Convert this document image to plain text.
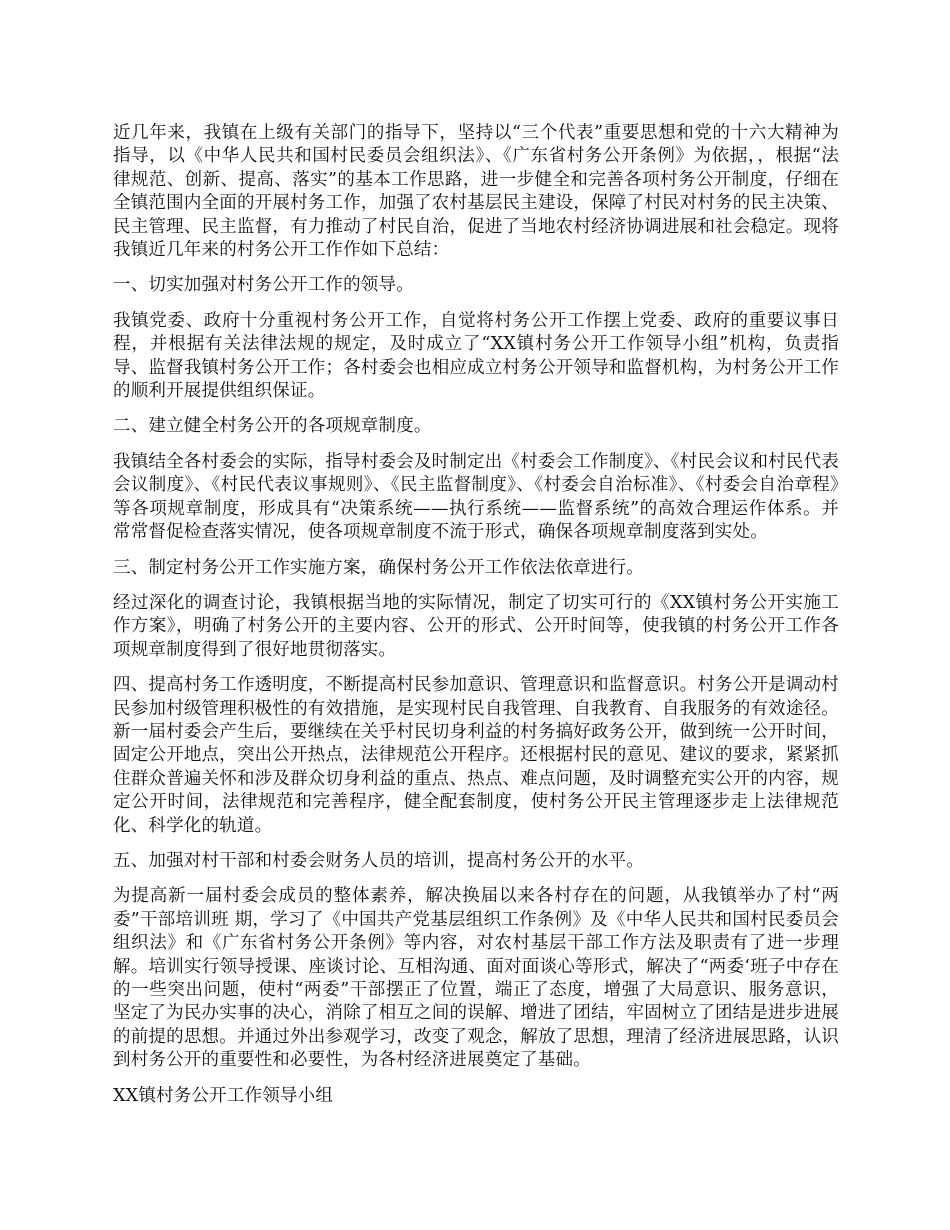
近几年来，我镇在上级有关部门的指导下，坚持以“三个代表”重要思想和党的十六大精神为指导，以《中华人民共和国村民委员会组织法》、《广东省村务公开条例》为依据，，根据“法律规范、创新、提高、落实”的基本工作思路，进一步健全和完善各项村务公开制度，仔细在全镇范围内全面的开展村务工作，加强了农村基层民主建设，保障了村民对村务的民主决策、民主管理、民主监督，有力推动了村民自治，促进了当地农村经济协调进展和社会稳定。现将我镇近几年来的村务公开工作作如下总结：

一、切实加强对村务公开工作的领导。

我镇党委、政府十分重视村务公开工作，自觉将村务公开工作摆上党委、政府的重要议事日程，并根据有关法律法规的规定，及时成立了“XX镇村务公开工作领导小组”机构，负责指导、监督我镇村务公开工作；各村委会也相应成立村务公开领导和监督机构，为村务公开工作的顺利开展提供组织保证。

二、建立健全村务公开的各项规章制度。

我镇结全各村委会的实际，指导村委会及时制定出《村委会工作制度》、《村民会议和村民代表会议制度》、《村民代表议事规则》、《民主监督制度》、《村委会自治标准》、《村委会自治章程》等各项规章制度，形成具有“决策系统——执行系统——监督系统”的高效合理运作体系。并常常督促检查落实情况，使各项规章制度不流于形式，确保各项规章制度落到实处。

三、制定村务公开工作实施方案，确保村务公开工作依法依章进行。

经过深化的调查讨论，我镇根据当地的实际情况，制定了切实可行的《XX镇村务公开实施工作方案》，明确了村务公开的主要内容、公开的形式、公开时间等，使我镇的村务公开工作各项规章制度得到了很好地贯彻落实。

四、提高村务工作透明度，不断提高村民参加意识、管理意识和监督意识。村务公开是调动村民参加村级管理积极性的有效措施，是实现村民自我管理、自我教育、自我服务的有效途径。新一届村委会产生后，要继续在关乎村民切身利益的村务搞好政务公开，做到统一公开时间，固定公开地点，突出公开热点，法律规范公开程序。还根据村民的意见、建议的要求，紧紧抓住群众普遍关怀和涉及群众切身利益的重点、热点、难点问题，及时调整充实公开的内容，规定公开时间，法律规范和完善程序，健全配套制度，使村务公开民主管理逐步走上法律规范化、科学化的轨道。

五、加强对村干部和村委会财务人员的培训，提高村务公开的水平。

为提高新一届村委会成员的整体素养，解决换届以来各村存在的问题，从我镇举办了村“两委”干部培训班 期，学习了《中国共产党基层组织工作条例》及《中华人民共和国村民委员会组织法》和《广东省村务公开条例》等内容，对农村基层干部工作方法及职责有了进一步理解。培训实行领导授课、座谈讨论、互相沟通、面对面谈心等形式，解决了“两委‘班子中存在的一些突出问题，使村“两委”干部摆正了位置，端正了态度，增强了大局意识、服务意识，坚定了为民办实事的决心，消除了相互之间的误解、增进了团结，牢固树立了团结是进步进展的前提的思想。并通过外出参观学习，改变了观念，解放了思想，理清了经济进展思路，认识到村务公开的重要性和必要性，为各村经济进展奠定了基础。

XX镇村务公开工作领导小组
